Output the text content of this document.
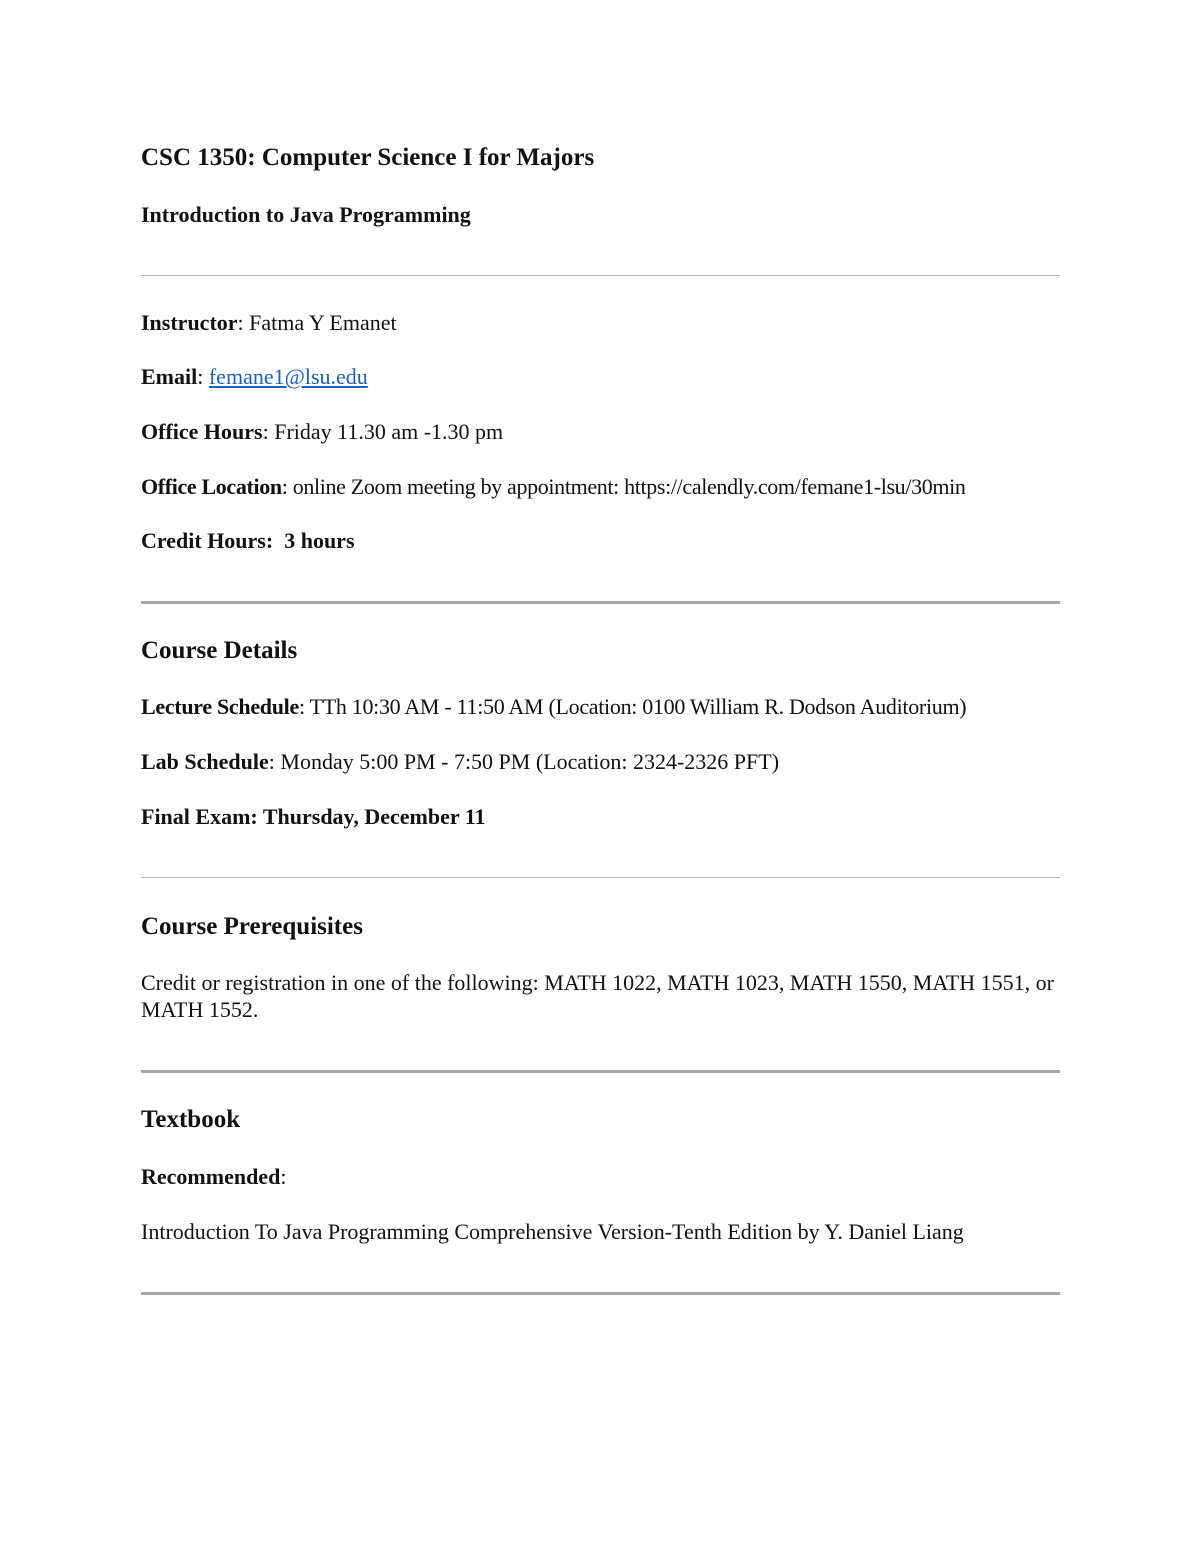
CSC 1350: Computer Science I for Majors

Introduction to Java Programming

Instructor: Fatma Y Emanet

Email: femane1@lsu.edu

Office Hours: Friday 11.30 am -1.30 pm

Office Location: online Zoom meeting by appointment: https://calendly.com/femane1-lsu/30min

Credit Hours: 3 hours

Course Details

Lecture Schedule: TTh 10:30 AM - 11:50 AM (Location: 0100 William R. Dodson Auditorium)

Lab Schedule: Monday 5:00 PM - 7:50 PM (Location: 2324-2326 PFT)

Final Exam: Thursday, December 11

Course Prerequisites

Credit or registration in one of the following: MATH 1022, MATH 1023, MATH 1550, MATH 1551, or MATH 1552.

Textbook

Recommended:

Introduction To Java Programming Comprehensive Version-Tenth Edition by Y. Daniel Liang
